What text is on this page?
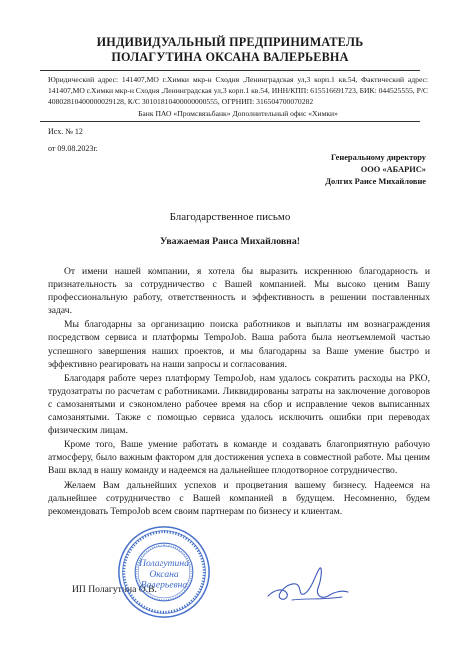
ИНДИВИДУАЛЬНЫЙ ПРЕДПРИНИМАТЕЛЬ
ПОЛАГУТИНА ОКСАНА ВАЛЕРЬЕВНА
Юридический адрес: 141407,МО г.Химки мкр-н Сходня ,Ленинградская ул,3 корп.1 кв.54, Фактический адрес: 141407,МО г.Химки мкр-н Сходня ,Ленинградская ул,3 корп.1 кв.54, ИНН/КПП: 615516691723, БИК: 044525555, Р/С 40802810400000029128, К/С 30101810400000000555, ОГРНИП: 316504700070282
Банк ПАО «Промсвязьбанк» Дополнительный офис «Химки»
Исх. № 12
от 09.08.2023г.
Генеральному директору
ООО «АБАРИС»
Долгих Раисе Михайловне
Благодарственное письмо
Уважаемая Раиса Михайловна!

От имени нашей компании, я хотела бы выразить искреннюю благодарность и признательность за сотрудничество с Вашей компанией. Мы высоко ценим Вашу профессиональную работу, ответственность и эффективность в решении поставленных задач.

Мы благодарны за организацию поиска работников и выплаты им вознаграждения посредством сервиса и платформы TempoJob. Ваша работа была неотъемлемой частью успешного завершения наших проектов, и мы благодарны за Ваше умение быстро и эффективно реагировать на наши запросы и согласования.

Благодаря работе через платформу TempoJob, нам удалось сократить расходы на РКО, трудозатраты по расчетам с работниками. Ликвидированы затраты на заключение договоров с самозанятыми и сэкономлено рабочее время на сбор и исправление чеков выписанных самозанятыми. Также с помощью сервиса удалось исключить ошибки при переводах физическим лицам.

Кроме того, Ваше умение работать в команде и создавать благоприятную рабочую атмосферу, было важным фактором для достижения успеха в совместной работе. Мы ценим Ваш вклад в нашу команду и надеемся на дальнейшее плодотворное сотрудничество.

Желаем Вам дальнейших успехов и процветания вашему бизнесу. Надеемся на дальнейшее сотрудничество с Вашей компанией в будущем. Несомненно, будем рекомендовать TempoJob всем своим партнерам по бизнесу и клиентам.

ИП Полагутина О.В.
Полагутина
Оксана
Валерьевна
